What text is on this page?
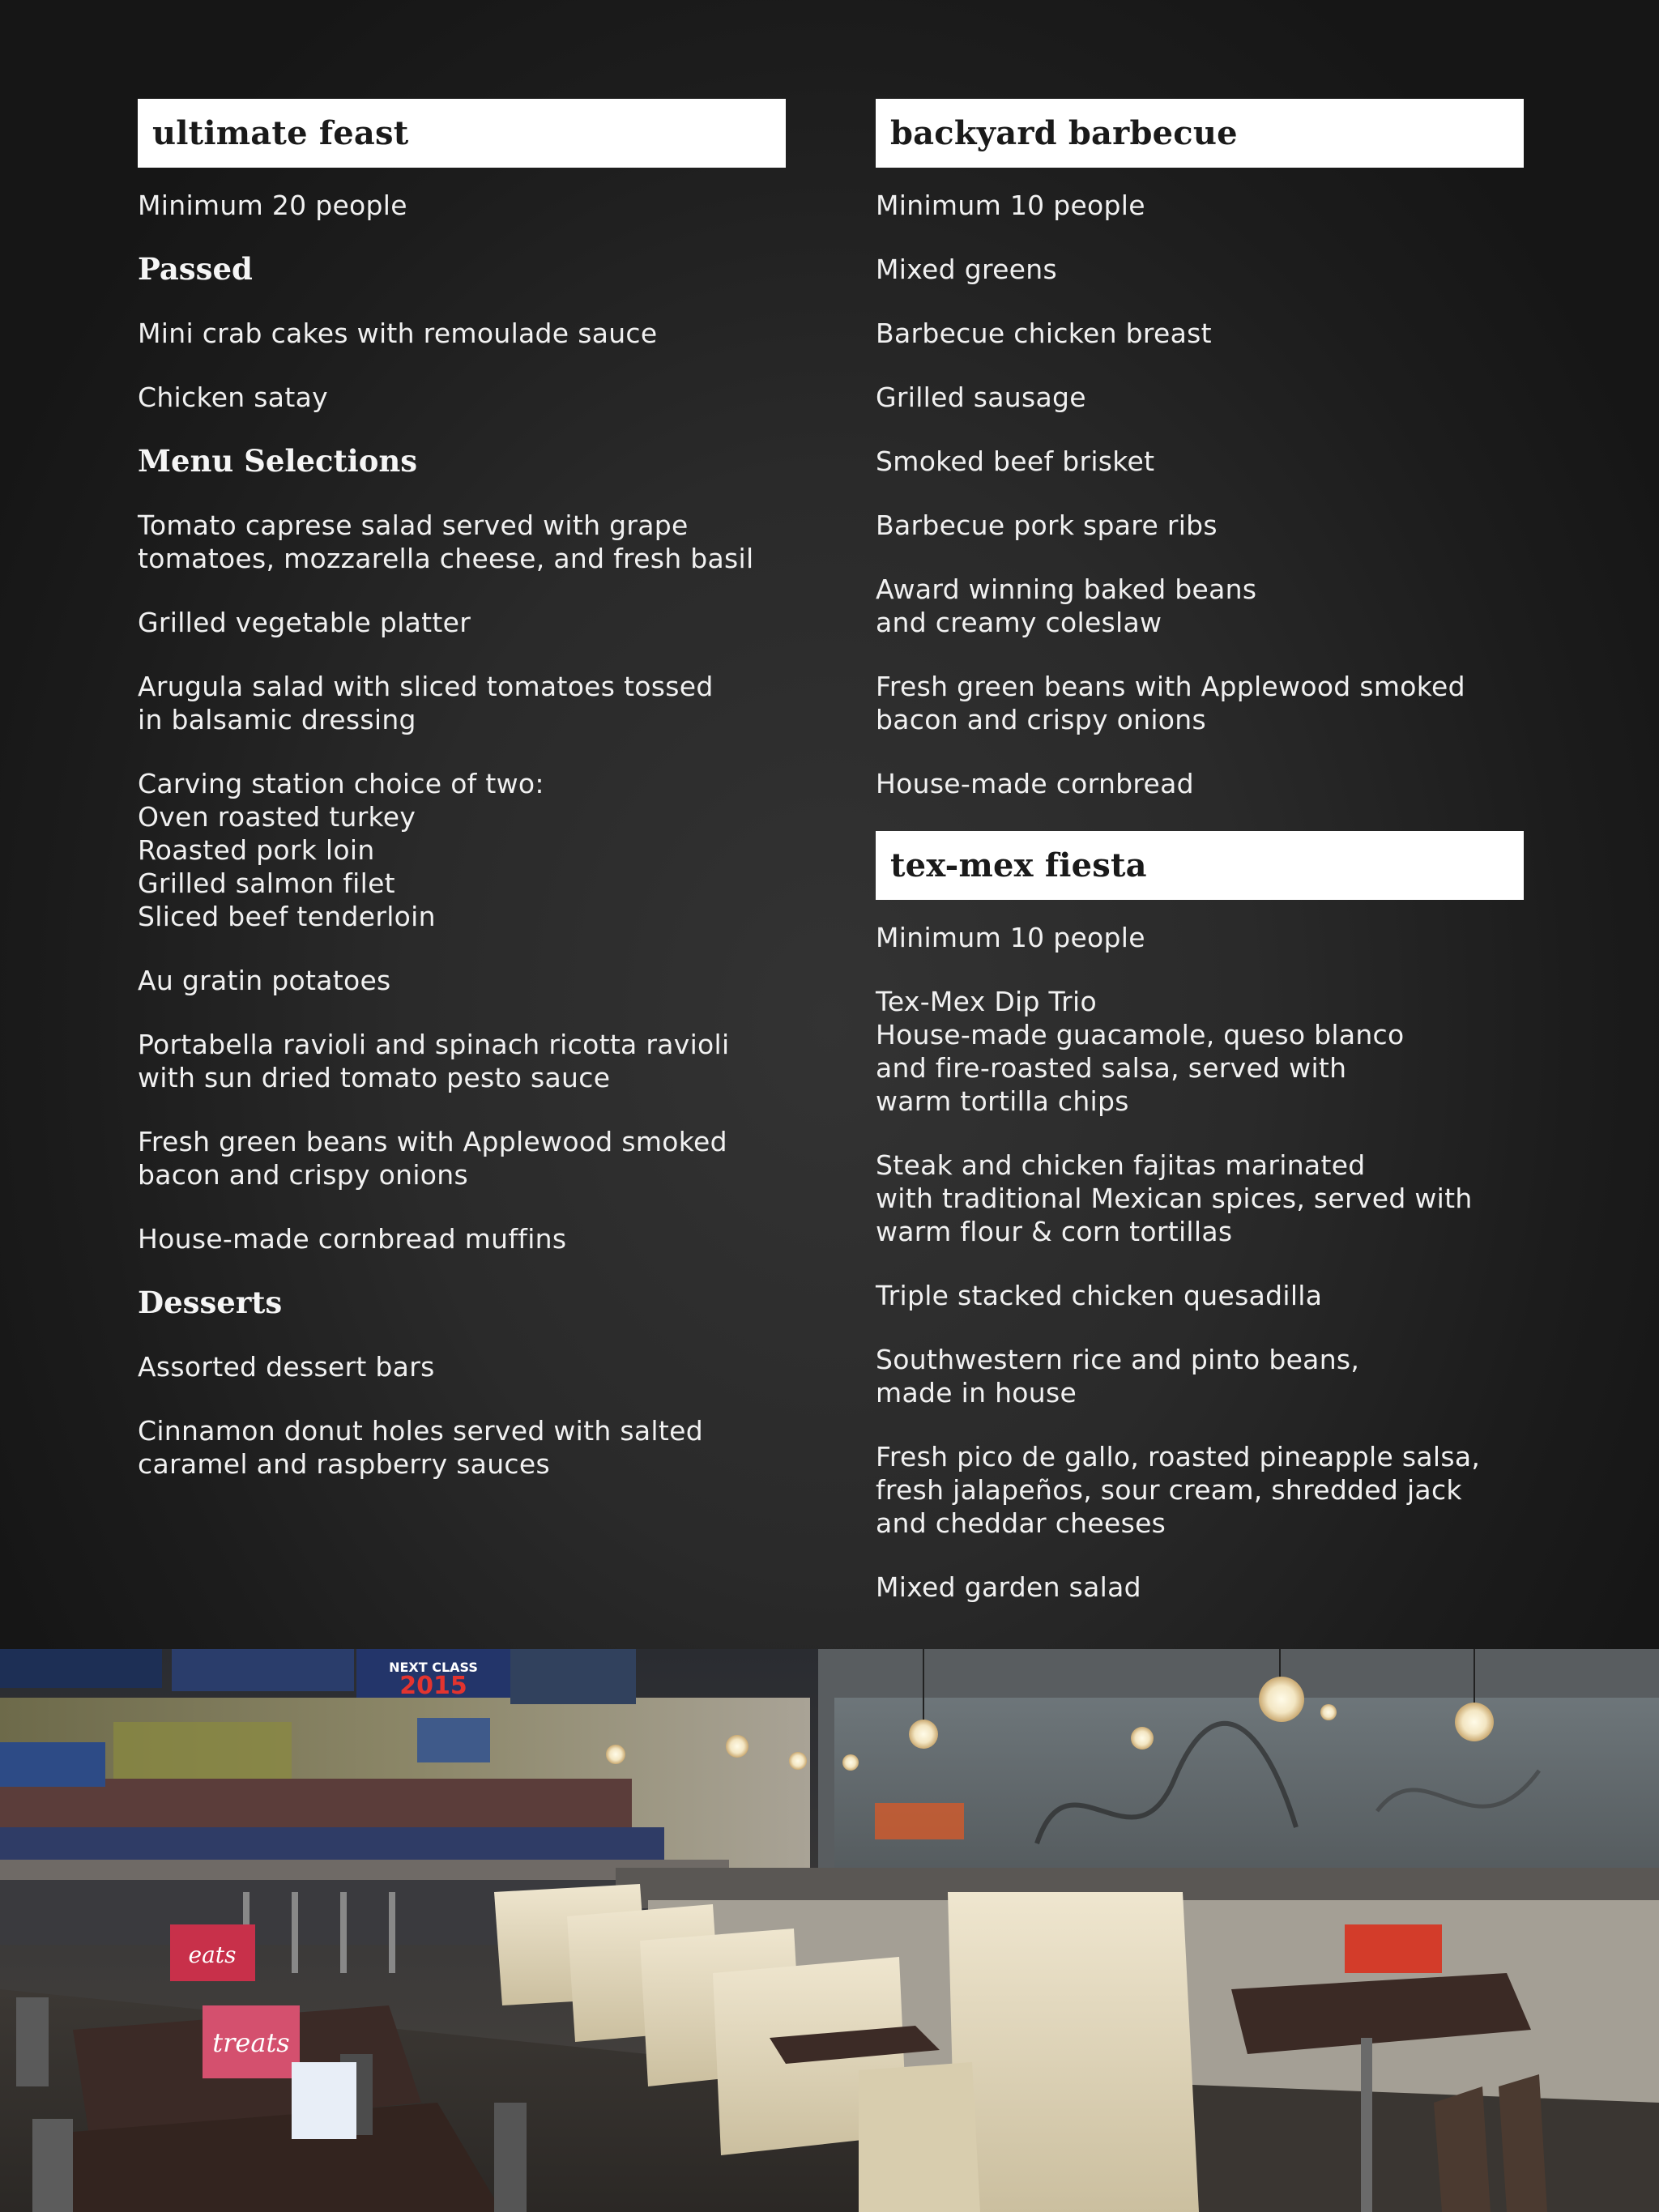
ultimate feast
Minimum 20 people
Passed
Mini crab cakes with remoulade sauce
Chicken satay
Menu Selections
Tomato caprese salad served with grape
tomatoes, mozzarella cheese, and fresh basil
Grilled vegetable platter
Arugula salad with sliced tomatoes tossed
in balsamic dressing
Carving station choice of two:
Oven roasted turkey
Roasted pork loin
Grilled salmon filet
Sliced beef tenderloin
Au gratin potatoes
Portabella ravioli and spinach ricotta ravioli
with sun dried tomato pesto sauce
Fresh green beans with Applewood smoked
bacon and crispy onions
House-made cornbread muffins
Desserts
Assorted dessert bars
Cinnamon donut holes served with salted
caramel and raspberry sauces
backyard barbecue
Minimum 10 people
Mixed greens
Barbecue chicken breast
Grilled sausage
Smoked beef brisket
Barbecue pork spare ribs
Award winning baked beans
and creamy coleslaw
Fresh green beans with Applewood smoked
bacon and crispy onions
House-made cornbread
tex-mex fiesta
Minimum 10 people
Tex-Mex Dip Trio
House-made guacamole, queso blanco
and fire-roasted salsa, served with
warm tortilla chips
Steak and chicken fajitas marinated
with traditional Mexican spices, served with
warm flour & corn tortillas
Triple stacked chicken quesadilla
Southwestern rice and pinto beans,
made in house
Fresh pico de gallo, roasted pineapple salsa,
fresh jalapeños, sour cream, shredded jack
and cheddar cheeses
Mixed garden salad
NEXT CLASS
2015
eats
treats
